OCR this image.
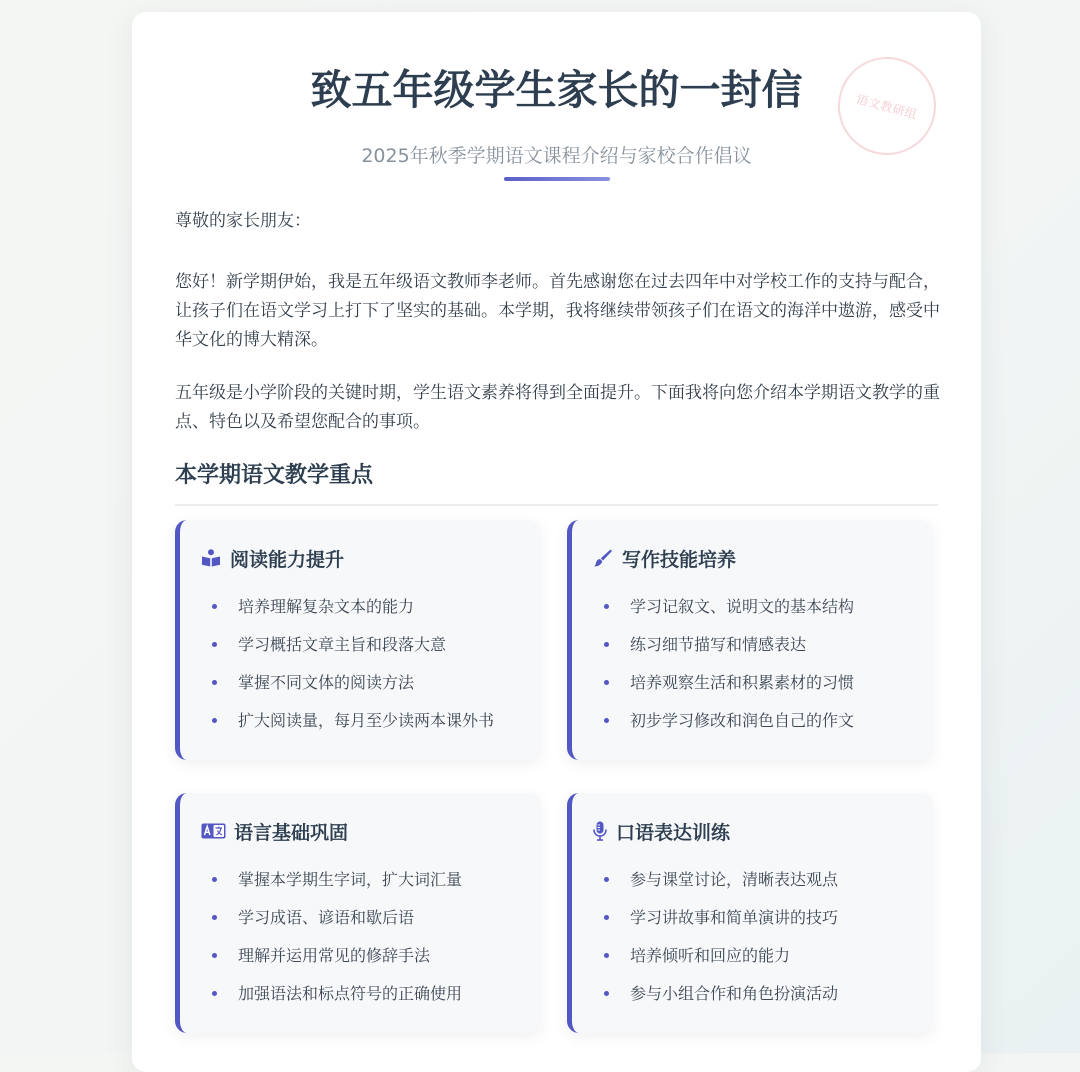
语文教研组
致五年级学生家长的一封信

2025年秋季学期语文课程介绍与家校合作倡议

尊敬的家长朋友：

您好！新学期伊始，我是五年级语文教师李老师。首先感谢您在过去四年中对学校工作的支持与配合，让孩子们在语文学习上打下了坚实的基础。本学期，我将继续带领孩子们在语文的海洋中遨游，感受中华文化的博大精深。

五年级是小学阶段的关键时期，学生语文素养将得到全面提升。下面我将向您介绍本学期语文教学的重点、特色以及希望您配合的事项。

本学期语文教学重点
阅读能力提升
培养理解复杂文本的能力
学习概括文章主旨和段落大意
掌握不同文体的阅读方法
扩大阅读量，每月至少读两本课外书
写作技能培养
学习记叙文、说明文的基本结构
练习细节描写和情感表达
培养观察生活和积累素材的习惯
初步学习修改和润色自己的作文
语言基础巩固
掌握本学期生字词，扩大词汇量
学习成语、谚语和歇后语
理解并运用常见的修辞手法
加强语法和标点符号的正确使用
口语表达训练
参与课堂讨论，清晰表达观点
学习讲故事和简单演讲的技巧
培养倾听和回应的能力
参与小组合作和角色扮演活动
